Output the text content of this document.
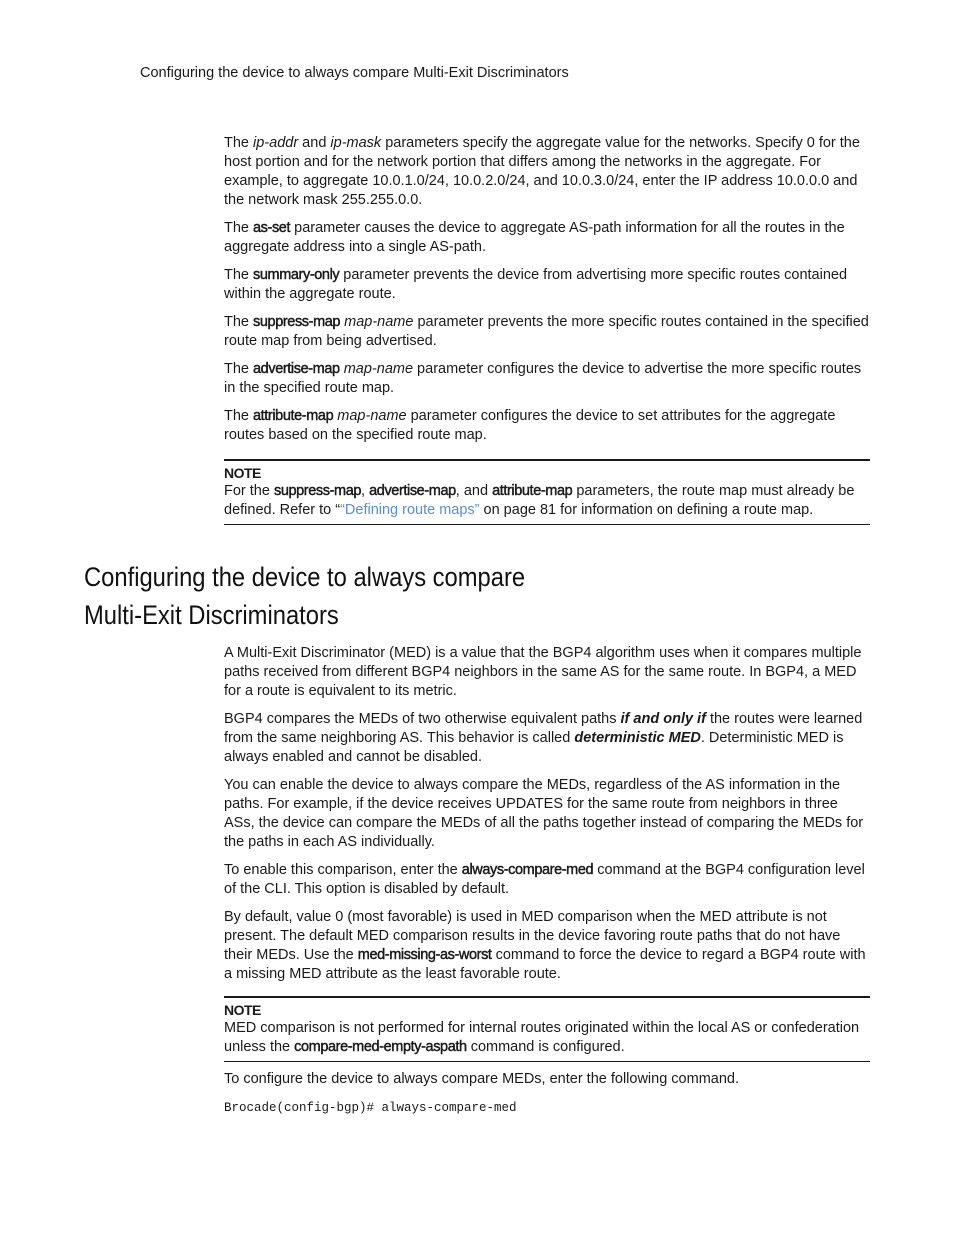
Configuring the device to always compare Multi-Exit Discriminators

The ip-addr and ip-mask parameters specify the aggregate value for the networks. Specify 0 for the host portion and for the network portion that differs among the networks in the aggregate. For example, to aggregate 10.0.1.0/24, 10.0.2.0/24, and 10.0.3.0/24, enter the IP address 10.0.0.0 and the network mask 255.255.0.0.

The as-set parameter causes the device to aggregate AS-path information for all the routes in the aggregate address into a single AS-path.

The summary-only parameter prevents the device from advertising more specific routes contained within the aggregate route.

The suppress-map map-name parameter prevents the more specific routes contained in the specified route map from being advertised.

The advertise-map map-name parameter configures the device to advertise the more specific routes in the specified route map.

The attribute-map map-name parameter configures the device to set attributes for the aggregate routes based on the specified route map.

NOTE
For the suppress-map, advertise-map, and attribute-map parameters, the route map must already be defined. Refer to ““Defining route maps” on page 81 for information on defining a route map.
Configuring the device to always compare
Multi-Exit Discriminators

A Multi-Exit Discriminator (MED) is a value that the BGP4 algorithm uses when it compares multiple paths received from different BGP4 neighbors in the same AS for the same route. In BGP4, a MED for a route is equivalent to its metric.

BGP4 compares the MEDs of two otherwise equivalent paths if and only if the routes were learned from the same neighboring AS. This behavior is called deterministic MED. Deterministic MED is always enabled and cannot be disabled.

You can enable the device to always compare the MEDs, regardless of the AS information in the paths. For example, if the device receives UPDATES for the same route from neighbors in three ASs, the device can compare the MEDs of all the paths together instead of comparing the MEDs for the paths in each AS individually.

To enable this comparison, enter the always-compare-med command at the BGP4 configuration level of the CLI. This option is disabled by default.

By default, value 0 (most favorable) is used in MED comparison when the MED attribute is not present. The default MED comparison results in the device favoring route paths that do not have their MEDs. Use the med-missing-as-worst command to force the device to regard a BGP4 route with a missing MED attribute as the least favorable route.

NOTE
MED comparison is not performed for internal routes originated within the local AS or confederation unless the compare-med-empty-aspath command is configured.

To configure the device to always compare MEDs, enter the following command.

Brocade(config-bgp)# always-compare-med
